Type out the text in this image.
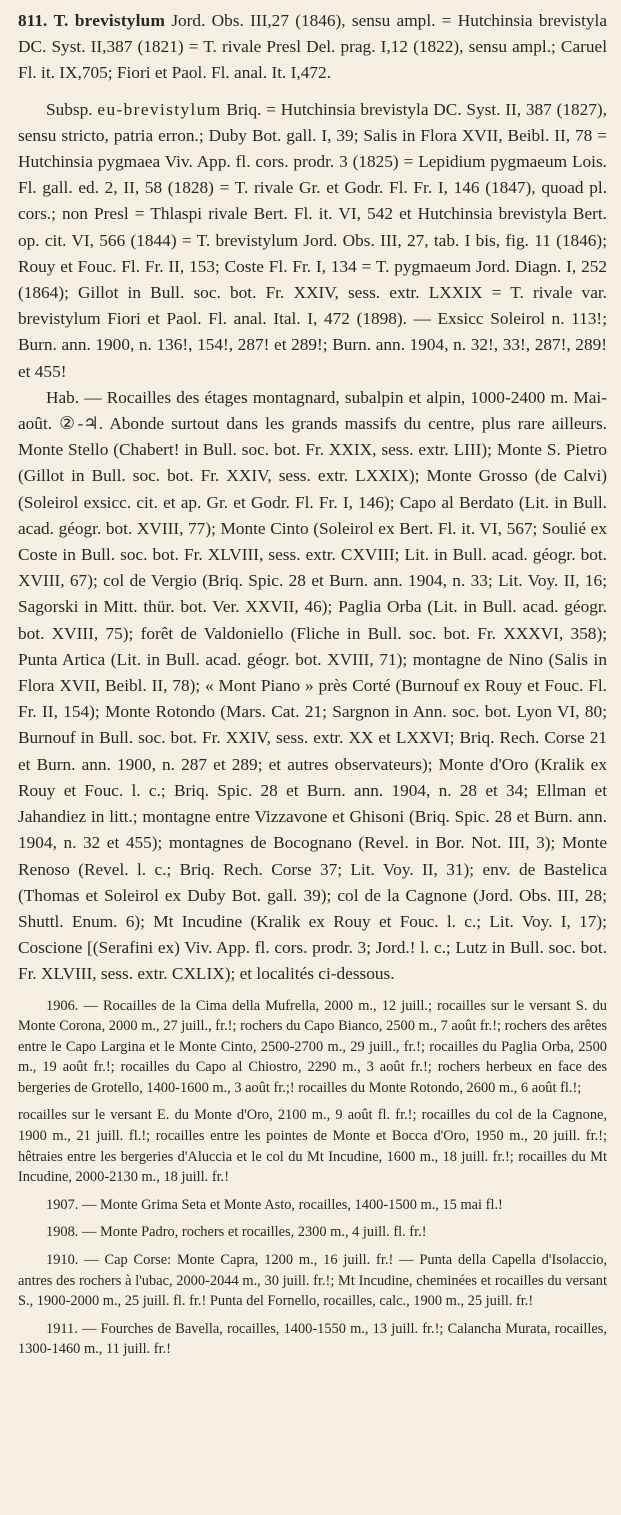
811. T. brevistylum Jord. Obs. III,27 (1846), sensu ampl. = Hutchinsia brevistyla DC. Syst. II,387 (1821) = T. rivale Presl Del. prag. I,12 (1822), sensu ampl.; Caruel Fl. it. IX,705; Fiori et Paol. Fl. anal. It. I,472.

Subsp. eu-brevistylum Briq. = Hutchinsia brevistyla DC. Syst. II, 387 (1827), sensu stricto, patria erron.; Duby Bot. gall. I, 39; Salis in Flora XVII, Beibl. II, 78 = Hutchinsia pygmaea Viv. App. fl. cors. prodr. 3 (1825) = Lepidium pygmaeum Lois. Fl. gall. ed. 2, II, 58 (1828) = T. rivale Gr. et Godr. Fl. Fr. I, 146 (1847), quoad pl. cors.; non Presl = Thlaspi rivale Bert. Fl. it. VI, 542 et Hutchinsia brevistyla Bert. op. cit. VI, 566 (1844) = T. brevistylum Jord. Obs. III, 27, tab. I bis, fig. 11 (1846); Rouy et Fouc. Fl. Fr. II, 153; Coste Fl. Fr. I, 134 = T. pygmaeum Jord. Diagn. I, 252 (1864); Gillot in Bull. soc. bot. Fr. XXIV, sess. extr. LXXIX = T. rivale var. brevistylum Fiori et Paol. Fl. anal. Ital. I, 472 (1898). — Exsicc Soleirol n. 113!; Burn. ann. 1900, n. 136!, 154!, 287! et 289!; Burn. ann. 1904, n. 32!, 33!, 287!, 289! et 455!

Hab. — Rocailles des étages montagnard, subalpin et alpin, 1000-2400 m. Mai-août. ②-♃. Abonde surtout dans les grands massifs du centre, plus rare ailleurs. Monte Stello (Chabert! in Bull. soc. bot. Fr. XXIX, sess. extr. LIII); Monte S. Pietro (Gillot in Bull. soc. bot. Fr. XXIV, sess. extr. LXXIX); Monte Grosso (de Calvi) (Soleirol exsicc. cit. et ap. Gr. et Godr. Fl. Fr. I, 146); Capo al Berdato (Lit. in Bull. acad. géogr. bot. XVIII, 77); Monte Cinto (Soleirol ex Bert. Fl. it. VI, 567; Soulié ex Coste in Bull. soc. bot. Fr. XLVIII, sess. extr. CXVIII; Lit. in Bull. acad. géogr. bot. XVIII, 67); col de Vergio (Briq. Spic. 28 et Burn. ann. 1904, n. 33; Lit. Voy. II, 16; Sagorski in Mitt. thür. bot. Ver. XXVII, 46); Paglia Orba (Lit. in Bull. acad. géogr. bot. XVIII, 75); forêt de Valdoniello (Fliche in Bull. soc. bot. Fr. XXXVI, 358); Punta Artica (Lit. in Bull. acad. géogr. bot. XVIII, 71); montagne de Nino (Salis in Flora XVII, Beibl. II, 78); « Mont Piano » près Corté (Burnouf ex Rouy et Fouc. Fl. Fr. II, 154); Monte Rotondo (Mars. Cat. 21; Sargnon in Ann. soc. bot. Lyon VI, 80; Burnouf in Bull. soc. bot. Fr. XXIV, sess. extr. XX et LXXVI; Briq. Rech. Corse 21 et Burn. ann. 1900, n. 287 et 289; et autres observateurs); Monte d'Oro (Kralik ex Rouy et Fouc. l. c.; Briq. Spic. 28 et Burn. ann. 1904, n. 28 et 34; Ellman et Jahandiez in litt.; montagne entre Vizzavone et Ghisoni (Briq. Spic. 28 et Burn. ann. 1904, n. 32 et 455); montagnes de Bocognano (Revel. in Bor. Not. III, 3); Monte Renoso (Revel. l. c.; Briq. Rech. Corse 37; Lit. Voy. II, 31); env. de Bastelica (Thomas et Soleirol ex Duby Bot. gall. 39); col de la Cagnone (Jord. Obs. III, 28; Shuttl. Enum. 6); Mt Incudine (Kralik ex Rouy et Fouc. l. c.; Lit. Voy. I, 17); Coscione [(Serafini ex) Viv. App. fl. cors. prodr. 3; Jord.! l. c.; Lutz in Bull. soc. bot. Fr. XLVIII, sess. extr. CXLIX); et localités ci-dessous.

1906. — Rocailles de la Cima della Mufrella, 2000 m., 12 juill.; rocailles sur le versant S. du Monte Corona, 2000 m., 27 juill., fr.!; rochers du Capo Bianco, 2500 m., 7 août fr.!; rochers des arêtes entre le Capo Largina et le Monte Cinto, 2500-2700 m., 29 juill., fr.!; rocailles du Paglia Orba, 2500 m., 19 août fr.!; rocailles du Capo al Chiostro, 2290 m., 3 août fr.!; rochers herbeux en face des bergeries de Grotello, 1400-1600 m., 3 août fr.;! rocailles du Monte Rotondo, 2600 m., 6 août fl.!;

rocailles sur le versant E. du Monte d'Oro, 2100 m., 9 août fl. fr.!; rocailles du col de la Cagnone, 1900 m., 21 juill. fl.!; rocailles entre les pointes de Monte et Bocca d'Oro, 1950 m., 20 juill. fr.!; hêtraies entre les bergeries d'Aluccia et le col du Mt Incudine, 1600 m., 18 juill. fr.!; rocailles du Mt Incudine, 2000-2130 m., 18 juill. fr.!

1907. — Monte Grima Seta et Monte Asto, rocailles, 1400-1500 m., 15 mai fl.!

1908. — Monte Padro, rochers et rocailles, 2300 m., 4 juill. fl. fr.!

1910. — Cap Corse: Monte Capra, 1200 m., 16 juill. fr.! — Punta della Capella d'Isolaccio, antres des rochers à l'ubac, 2000-2044 m., 30 juill. fr.!; Mt Incudine, cheminées et rocailles du versant S., 1900-2000 m., 25 juill. fl. fr.! Punta del Fornello, rocailles, calc., 1900 m., 25 juill. fr.!

1911. — Fourches de Bavella, rocailles, 1400-1550 m., 13 juill. fr.!; Calancha Murata, rocailles, 1300-1460 m., 11 juill. fr.!
